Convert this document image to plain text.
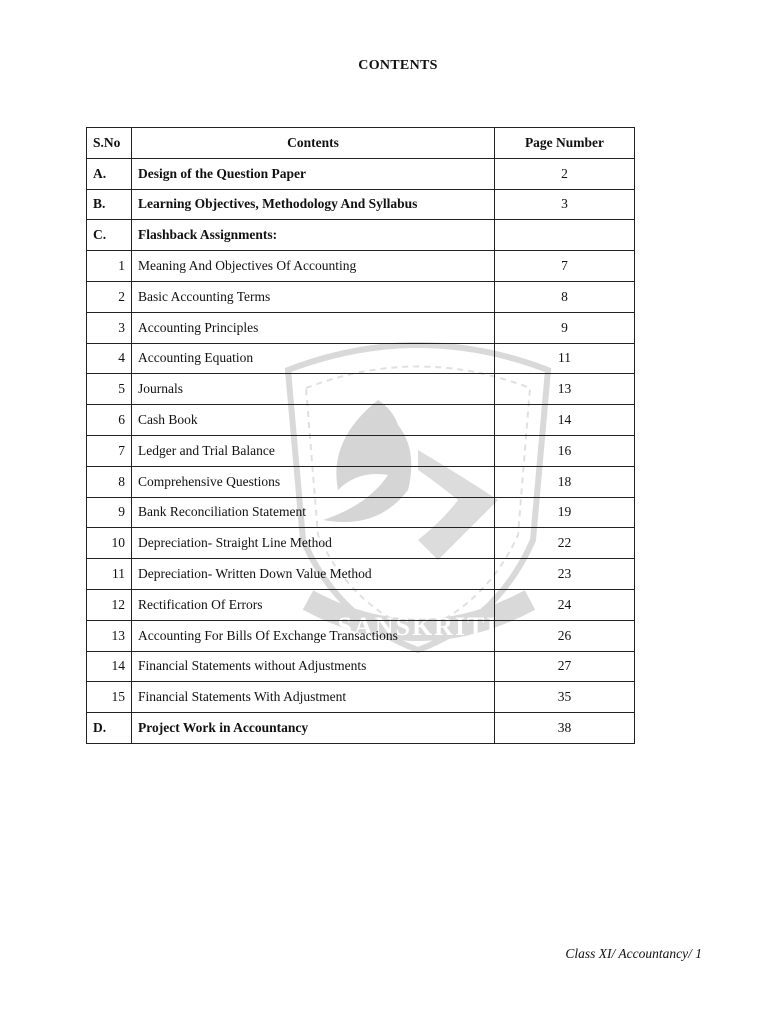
CONTENTS
SANSKRITI
S.No	Contents	Page Number
A.	Design of the Question Paper	2
B.	Learning Objectives, Methodology And Syllabus	3
C.	Flashback Assignments:	
1	Meaning And Objectives Of Accounting	7
2	Basic Accounting Terms	8
3	Accounting Principles	9
4	Accounting Equation	11
5	Journals	13
6	Cash Book	14
7	Ledger and Trial Balance	16
8	Comprehensive Questions	18
9	Bank Reconciliation Statement	19
10	Depreciation- Straight Line Method	22
11	Depreciation- Written Down Value Method	23
12	Rectification Of Errors	24
13	Accounting For Bills Of Exchange Transactions	26
14	Financial Statements without Adjustments	27
15	Financial Statements With Adjustment	35
D.	Project Work in Accountancy	38
Class XI/ Accountancy/ 1
